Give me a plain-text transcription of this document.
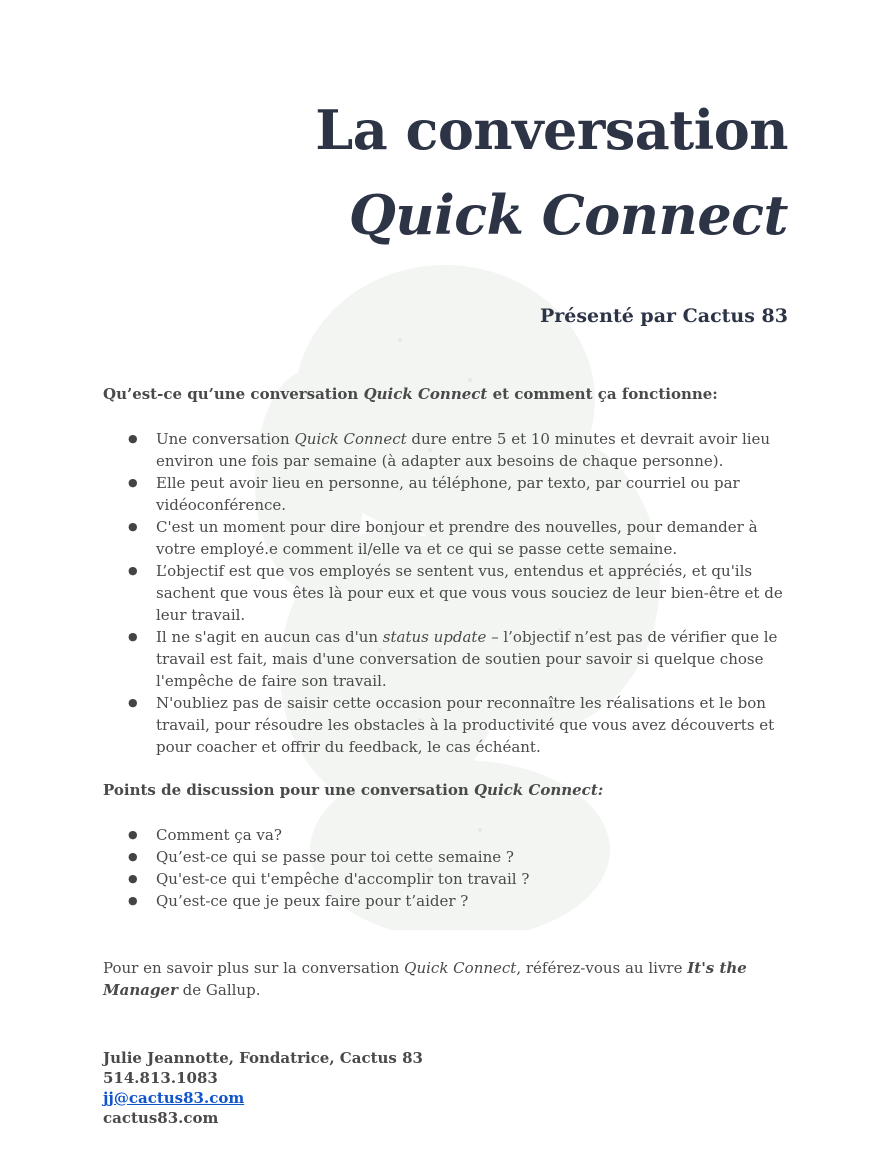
La conversation
Quick Connect
Présenté par Cactus 83
Qu’est-ce qu’une conversation Quick Connect et comment ça fonctionne:
● Une conversation Quick Connect dure entre 5 et 10 minutes et devrait avoir lieu environ une fois par semaine (à adapter aux besoins de chaque personne).
● Elle peut avoir lieu en personne, au téléphone, par texto, par courriel ou par vidéoconférence.
● C'est un moment pour dire bonjour et prendre des nouvelles, pour demander à votre employé.e comment il/elle va et ce qui se passe cette semaine.
● L’objectif est que vos employés se sentent vus, entendus et appréciés, et qu'ils sachent que vous êtes là pour eux et que vous vous souciez de leur bien-être et de leur travail.
● Il ne s'agit en aucun cas d'un status update – l’objectif n’est pas de vérifier que le travail est fait, mais d'une conversation de soutien pour savoir si quelque chose l'empêche de faire son travail.
● N'oubliez pas de saisir cette occasion pour reconnaître les réalisations et le bon travail, pour résoudre les obstacles à la productivité que vous avez découverts et pour coacher et offrir du feedback, le cas échéant.
Points de discussion pour une conversation Quick Connect:
● Comment ça va?
● Qu’est-ce qui se passe pour toi cette semaine ?
● Qu'est-ce qui t'empêche d'accomplir ton travail ?
● Qu’est-ce que je peux faire pour t’aider ?
Pour en savoir plus sur la conversation Quick Connect, référez-vous au livre It's the Manager de Gallup.
Julie Jeannotte, Fondatrice, Cactus 83
514.813.1083
jj@cactus83.com
cactus83.com
